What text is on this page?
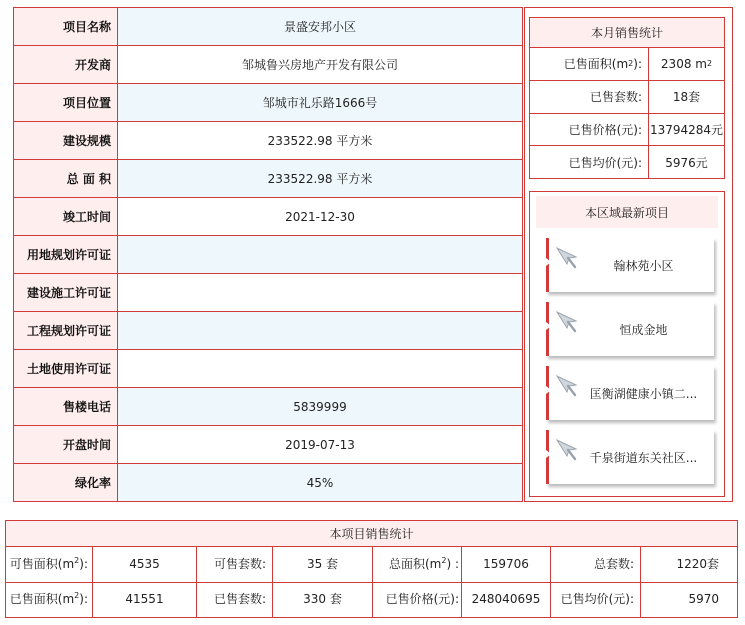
项目名称	景盛安邦小区
开发商	邹城鲁兴房地产开发有限公司
项目位置	邹城市礼乐路1666号
建设规模	233522.98 平方米
总 面 积	233522.98 平方米
竣工时间	2021-12-30
用地规划许可证
建设施工许可证
工程规划许可证
土地使用许可证
售楼电话	5839999
开盘时间	2019-07-13
绿化率	45%
本月销售统计
已售面积(m 2 ): 2308 m 2
已售套数:	18套
已售价格(元): 13794284元
已售均价(元):	5976元
本区域最新项目
翰林苑小区
恒成金地
匡衡湖健康小镇二...
千泉街道东关社区...
本项目销售统计
可售面积$(m^2)$:	4535	可售套数:	35 套	总面积$(m^2)$ :	159706	总套数:	1220套
已售面积$(m^2)$:	41551	已售套数:	330 套	已售价格(元):	248040695	已售均价(元):	5970
